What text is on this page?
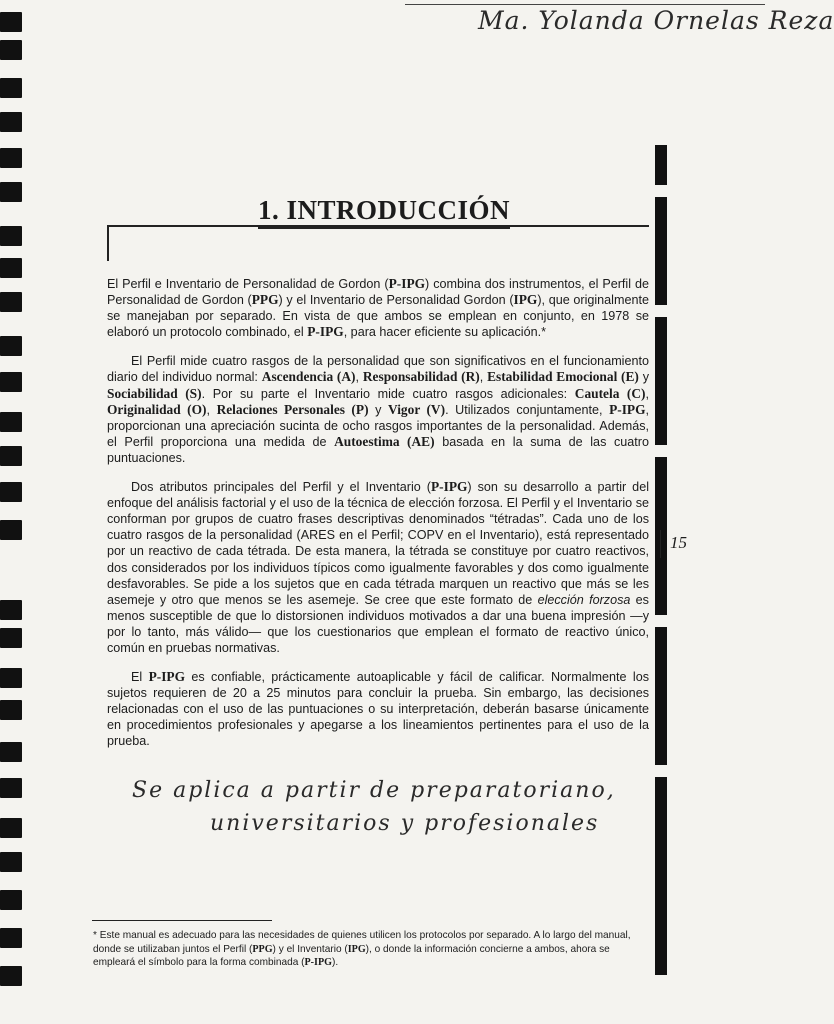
Ma. Yolanda Ornelas Reza
1. INTRODUCCIÓN

El Perfil e Inventario de Personalidad de Gordon (P-IPG) combina dos instrumentos, el Perfil de Personalidad de Gordon (PPG) y el Inventario de Personalidad Gordon (IPG), que originalmente se manejaban por separado. En vista de que ambos se emplean en conjunto, en 1978 se elaboró un protocolo combinado, el P-IPG, para hacer eficiente su aplicación.*

El Perfil mide cuatro rasgos de la personalidad que son significativos en el funcionamiento diario del individuo normal: Ascendencia (A), Responsabilidad (R), Estabilidad Emocional (E) y Sociabilidad (S). Por su parte el Inventario mide cuatro rasgos adicionales: Cautela (C), Originalidad (O), Relaciones Personales (P) y Vigor (V). Utilizados conjuntamente, P-IPG, proporcionan una apreciación sucinta de ocho rasgos importantes de la personalidad. Además, el Perfil proporciona una medida de Autoestima (AE) basada en la suma de las cuatro puntuaciones.

Dos atributos principales del Perfil y el Inventario (P-IPG) son su desarrollo a partir del enfoque del análisis factorial y el uso de la técnica de elección forzosa. El Perfil y el Inventario se conforman por grupos de cuatro frases descriptivas denominados “tétradas”. Cada uno de los cuatro rasgos de la personalidad (ARES en el Perfil; COPV en el Inventario), está representado por un reactivo de cada tétrada. De esta manera, la tétrada se constituye por cuatro reactivos, dos considerados por los individuos típicos como igualmente favorables y dos como igualmente desfavorables. Se pide a los sujetos que en cada tétrada marquen un reactivo que más se les asemeje y otro que menos se les asemeje. Se cree que este formato de elección forzosa es menos susceptible de que lo distorsionen individuos motivados a dar una buena impresión —y por lo tanto, más válido— que los cuestionarios que emplean el formato de reactivo único, común en pruebas normativas.

El P-IPG es confiable, prácticamente autoaplicable y fácil de calificar. Normalmente los sujetos requieren de 20 a 25 minutos para concluir la prueba. Sin embargo, las decisiones relacionadas con el uso de las puntuaciones o su interpretación, deberán basarse únicamente en procedimientos profesionales y apegarse a los lineamientos pertinentes para el uso de la prueba.

15
Se aplica a partir de preparatoriano,
universitarios y profesionales
* Este manual es adecuado para las necesidades de quienes utilicen los protocolos por separado. A lo largo del manual, donde se utilizaban juntos el Perfil (PPG) y el Inventario (IPG), o donde la información concierne a ambos, ahora se empleará el símbolo para la forma combinada (P-IPG).
